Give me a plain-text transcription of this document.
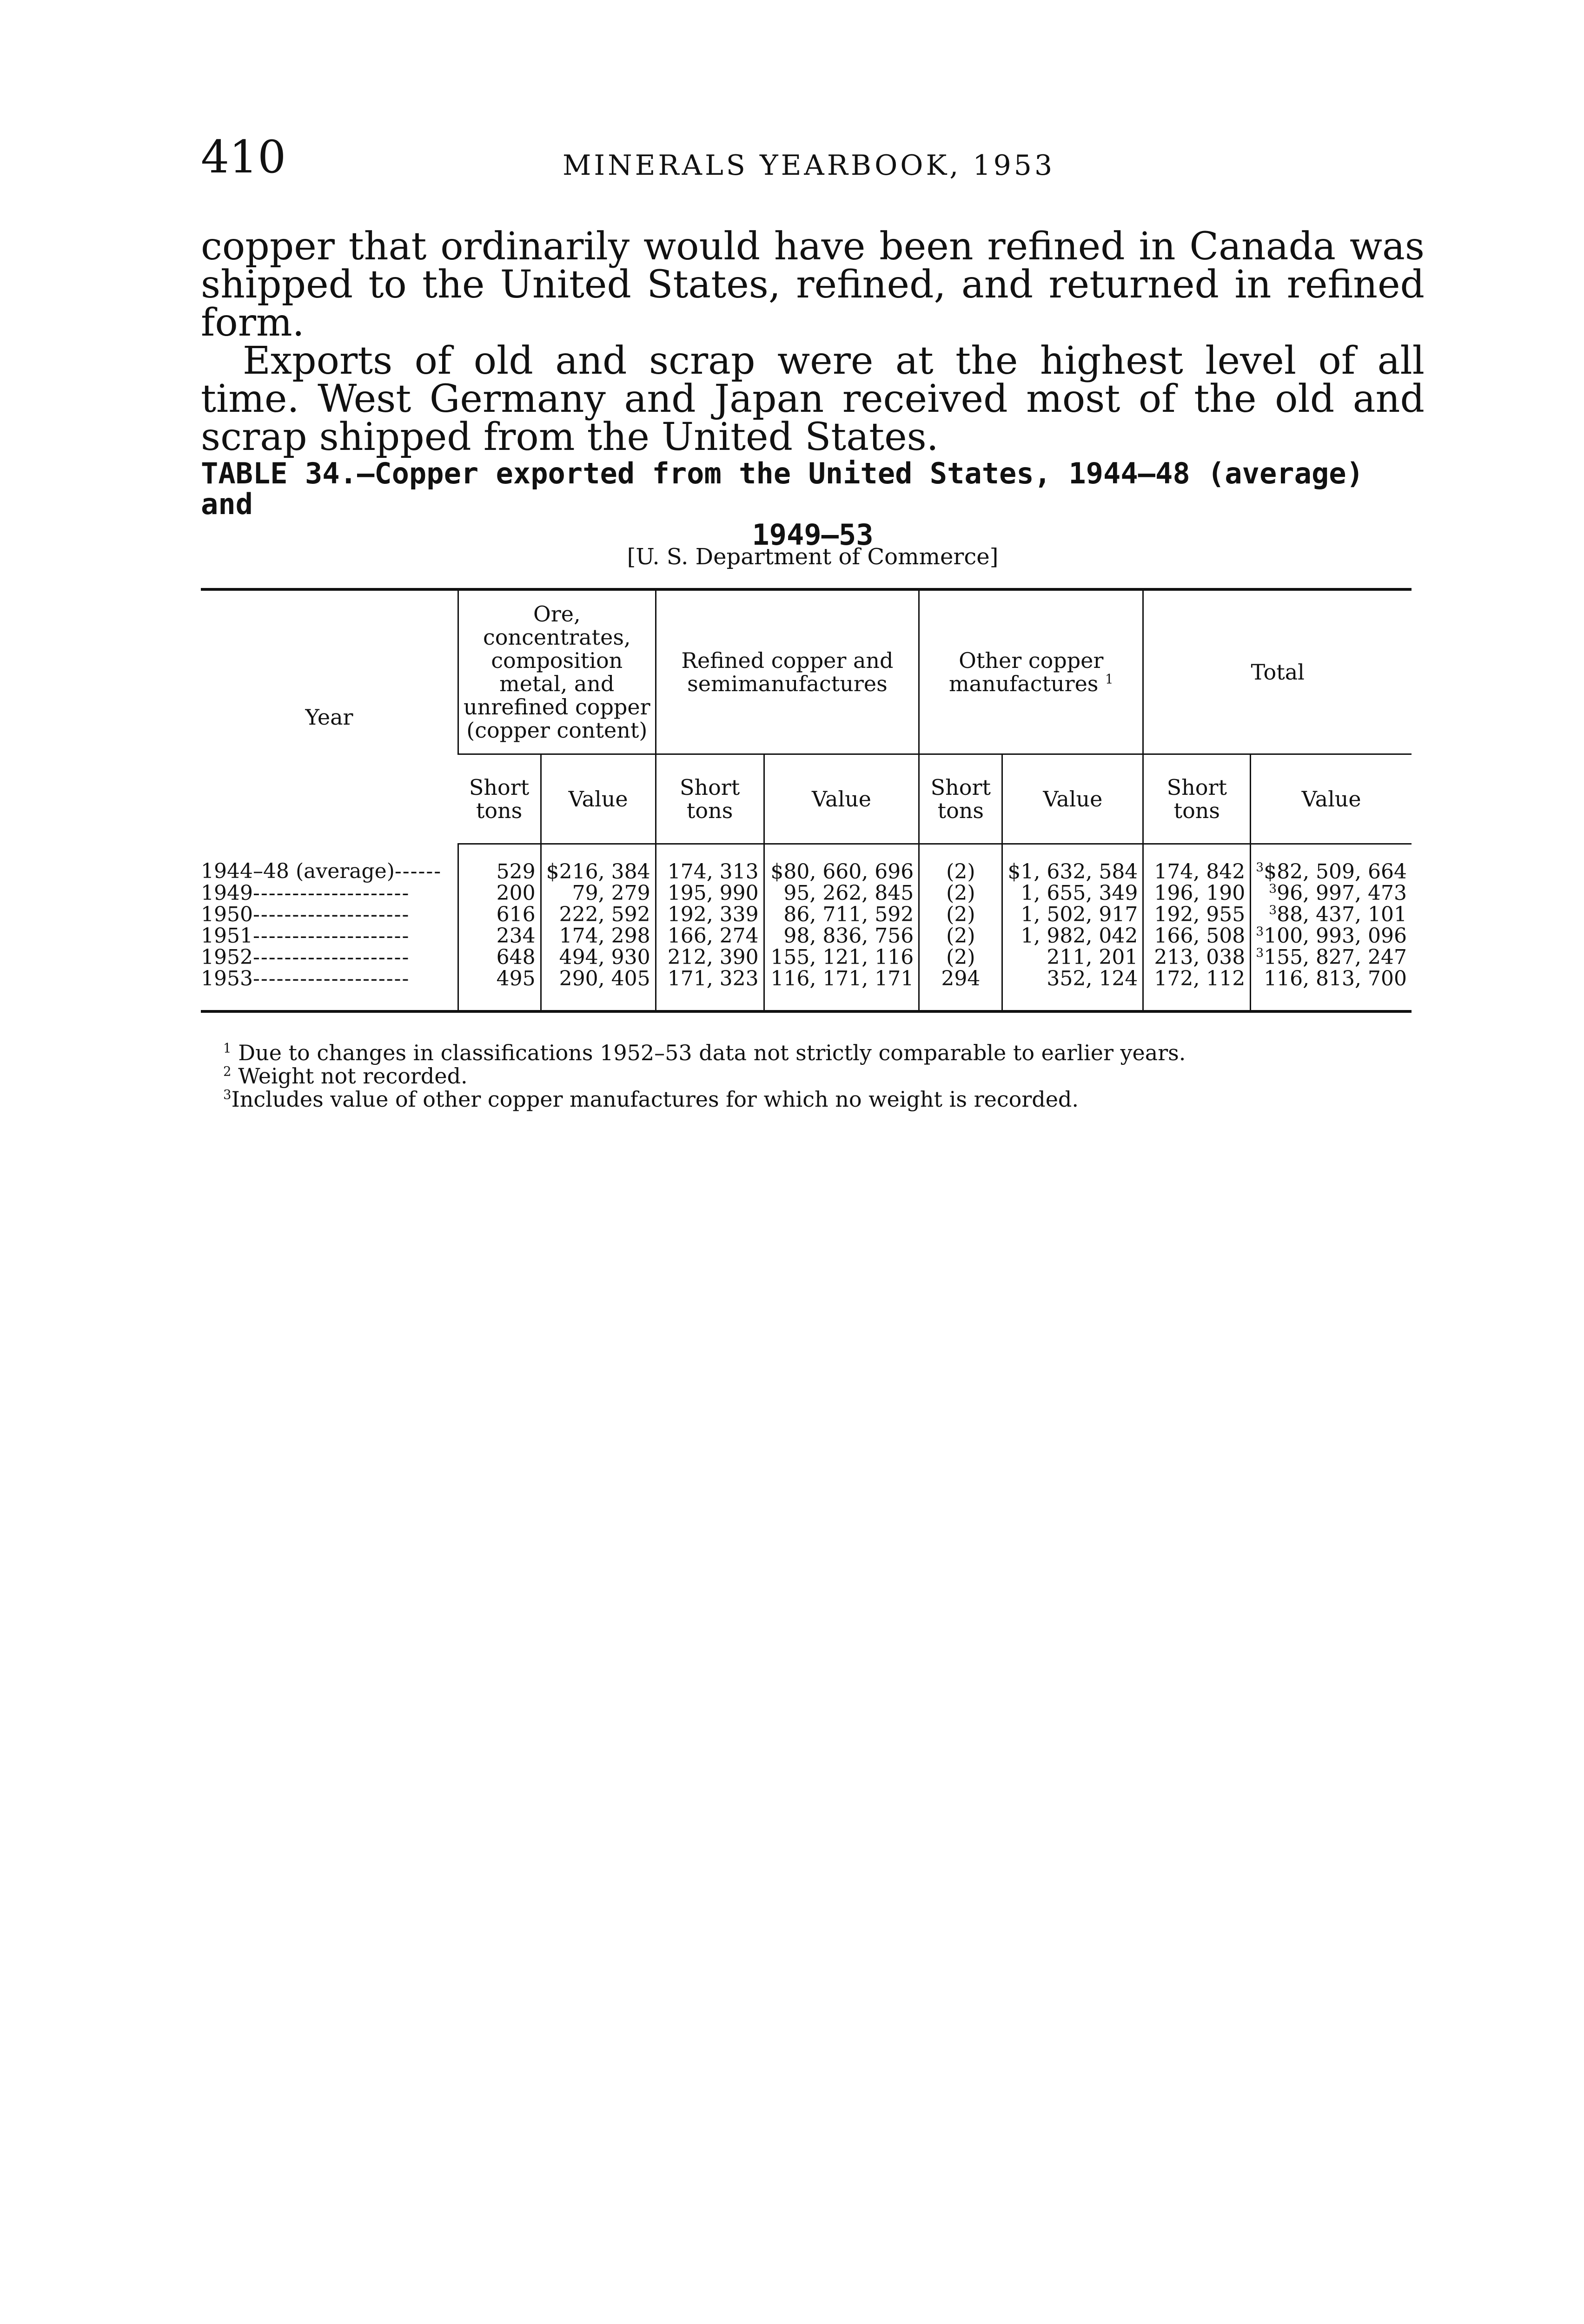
410	MINERALS YEARBOOK, 1953

copper that ordinarily would have been refined in Canada was shipped to the United States, refined, and returned in refined form.

Exports of old and scrap were at the highest level of all time. West Germany and Japan received most of the old and scrap shipped from the United States.

TABLE 34.—Copper exported from the United States, 1944–48 (average) and
1949–53
[U. S. Department of Commerce]
Year	Ore, concentrates, composition metal, and unrefined copper (copper content)		Refined copper and semimanufactures		Other copper manufactures $^1$		Total	
	Short tons	Value	Short tons	Value	Short tons	Value	Short tons	Value
1944–48 (average)------	529	$216, 384	174, 313	$80, 660, 696	(2)	$1, 632, 584	174, 842	$^3$\$82, 509, 664
1949--------------------	200	79, 279	195, 990	95, 262, 845	(2)	1, 655, 349	196, 190	$^3$96, 997, 473
1950--------------------	616	222, 592	192, 339	86, 711, 592	(2)	1, 502, 917	192, 955	$^3$88, 437, 101
1951--------------------	234	174, 298	166, 274	98, 836, 756	(2)	1, 982, 042	166, 508	$^3$100, 993, 096
1952--------------------	648	494, 930	212, 390	155, 121, 116	(2)	211, 201	213, 038	$^3$155, 827, 247
1953--------------------	495	290, 405	171, 323	116, 171, 171	294	352, 124	172, 112	116, 813, 700
$^1$ Due to changes in classifications 1952–53 data not strictly comparable to earlier years.
$^2$ Weight not recorded.
$^3$Includes value of other copper manufactures for which no weight is recorded.
